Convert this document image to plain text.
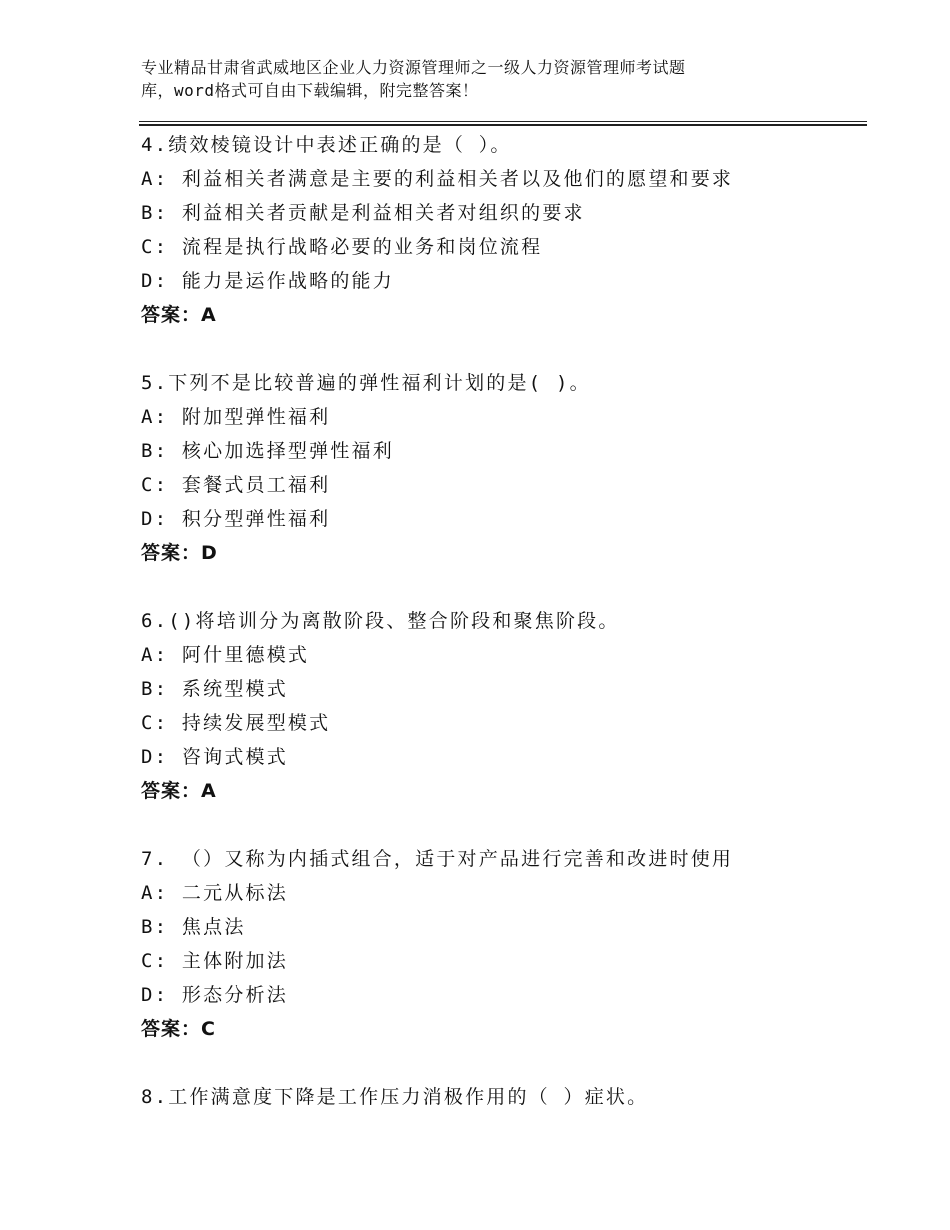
专业精品甘肃省武威地区企业人力资源管理师之一级人力资源管理师考试题
库，word格式可自由下载编辑，附完整答案！
4.绩效棱镜设计中表述正确的是（ ）。
A: 利益相关者满意是主要的利益相关者以及他们的愿望和要求
B: 利益相关者贡献是利益相关者对组织的要求
C: 流程是执行战略必要的业务和岗位流程
D: 能力是运作战略的能力
答案：A
5.下列不是比较普遍的弹性福利计划的是( )。
A: 附加型弹性福利
B: 核心加选择型弹性福利
C: 套餐式员工福利
D: 积分型弹性福利
答案：D
6.()将培训分为离散阶段、整合阶段和聚焦阶段。
A: 阿什里德模式
B: 系统型模式
C: 持续发展型模式
D: 咨询式模式
答案：A
7. （）又称为内插式组合，适于对产品进行完善和改进时使用
A: 二元从标法
B: 焦点法
C: 主体附加法
D: 形态分析法
答案：C
8.工作满意度下降是工作压力消极作用的（ ）症状。
